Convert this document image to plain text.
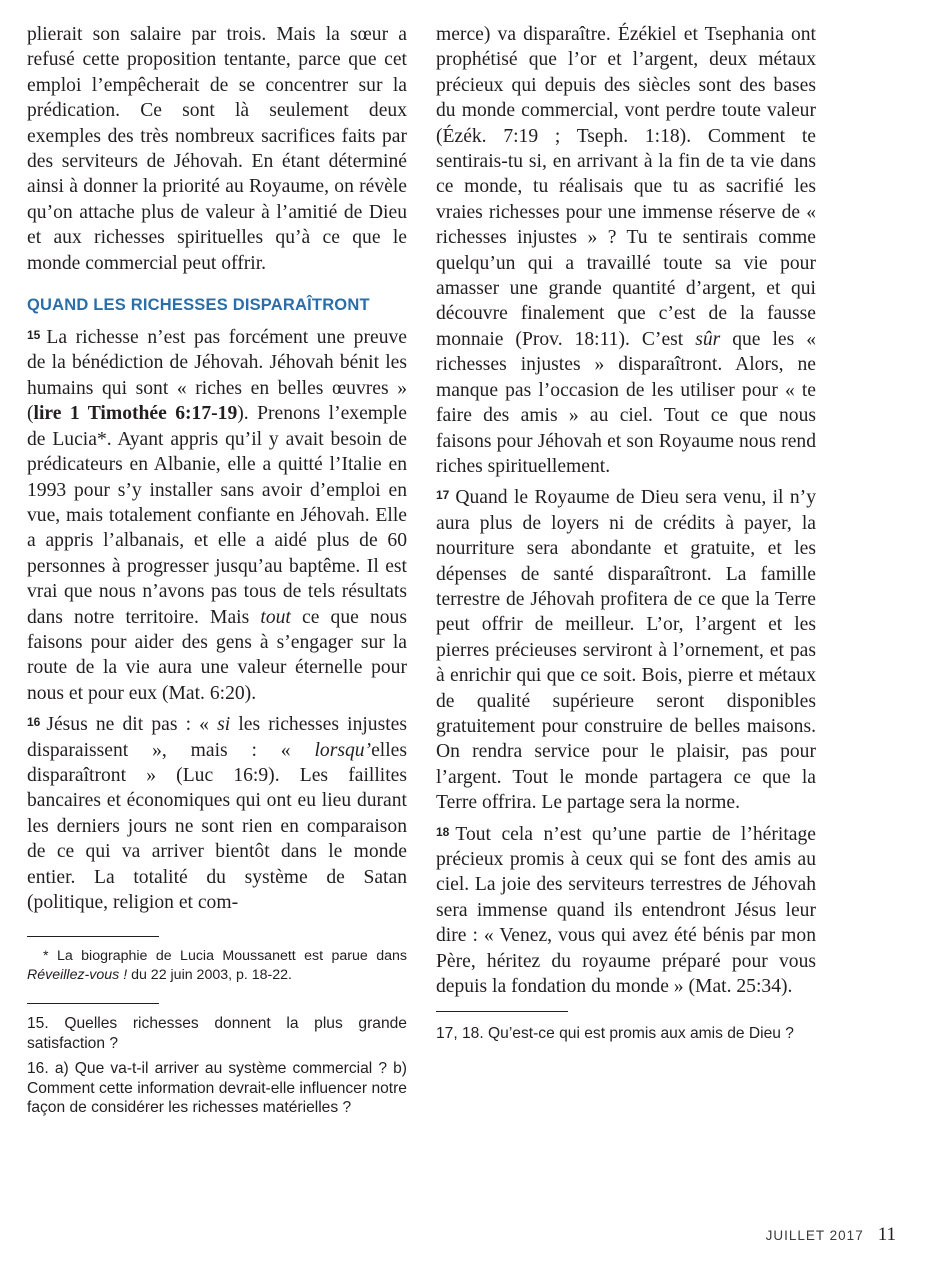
plierait son salaire par trois. Mais la sœur a refusé cette proposition tentante, parce que cet emploi l’empêcherait de se concentrer sur la prédication. Ce sont là seulement deux exemples des très nombreux sacrifices faits par des serviteurs de Jéhovah. En étant déterminé ainsi à donner la priorité au Royaume, on révèle qu’on attache plus de valeur à l’amitié de Dieu et aux richesses spirituelles qu’à ce que le monde commercial peut offrir.

QUAND LES RICHESSES DISPARAÎTRONT

$^{15}$ La richesse n’est pas forcément une preuve de la bénédiction de Jéhovah. Jéhovah bénit les humains qui sont « riches en belles œuvres » (lire 1 Timothée 6:17-19). Prenons l’exemple de Lucia*. Ayant appris qu’il y avait besoin de prédicateurs en Albanie, elle a quitté l’Italie en 1993 pour s’y installer sans avoir d’emploi en vue, mais totalement confiante en Jéhovah. Elle a appris l’albanais, et elle a aidé plus de 60 personnes à progresser jusqu’au baptême. Il est vrai que nous n’avons pas tous de tels résultats dans notre territoire. Mais tout ce que nous faisons pour aider des gens à s’engager sur la route de la vie aura une valeur éternelle pour nous et pour eux (Mat. 6:20).

$^{16}$ Jésus ne dit pas : « si les richesses injustes disparaissent », mais : « lorsqu’elles disparaîtront » (Luc 16:9). Les faillites bancaires et économiques qui ont eu lieu durant les derniers jours ne sont rien en comparaison de ce qui va arriver bientôt dans le monde entier. La totalité du système de Satan (politique, religion et com-

* La biographie de Lucia Moussanett est parue dans Réveillez-vous ! du 22 juin 2003, p. 18-22.

15. Quelles richesses donnent la plus grande satisfaction ?

16. a) Que va-t-il arriver au système commercial ? b) Comment cette information devrait-elle influencer notre façon de considérer les richesses matérielles ?

merce) va disparaître. Ézékiel et Tsephania ont prophétisé que l’or et l’argent, deux métaux précieux qui depuis des siècles sont des bases du monde commercial, vont perdre toute valeur (Ézék. 7:19 ; Tseph. 1:18). Comment te sentirais-tu si, en arrivant à la fin de ta vie dans ce monde, tu réalisais que tu as sacrifié les vraies richesses pour une immense réserve de « richesses injustes » ? Tu te sentirais comme quelqu’un qui a travaillé toute sa vie pour amasser une grande quantité d’argent, et qui découvre finalement que c’est de la fausse monnaie (Prov. 18:11). C’est sûr que les « richesses injustes » disparaîtront. Alors, ne manque pas l’occasion de les utiliser pour « te faire des amis » au ciel. Tout ce que nous faisons pour Jéhovah et son Royaume nous rend riches spirituellement.

$^{17}$ Quand le Royaume de Dieu sera venu, il n’y aura plus de loyers ni de crédits à payer, la nourriture sera abondante et gratuite, et les dépenses de santé disparaîtront. La famille terrestre de Jéhovah profitera de ce que la Terre peut offrir de meilleur. L’or, l’argent et les pierres précieuses serviront à l’ornement, et pas à enrichir qui que ce soit. Bois, pierre et métaux de qualité supérieure seront disponibles gratuitement pour construire de belles maisons. On rendra service pour le plaisir, pas pour l’argent. Tout le monde partagera ce que la Terre offrira. Le partage sera la norme.

$^{18}$ Tout cela n’est qu’une partie de l’héritage précieux promis à ceux qui se font des amis au ciel. La joie des serviteurs terrestres de Jéhovah sera immense quand ils entendront Jésus leur dire : « Venez, vous qui avez été bénis par mon Père, héritez du royaume préparé pour vous depuis la fondation du monde » (Mat. 25:34).

17, 18. Qu’est-ce qui est promis aux amis de Dieu ?

JUILLET 2017 11
